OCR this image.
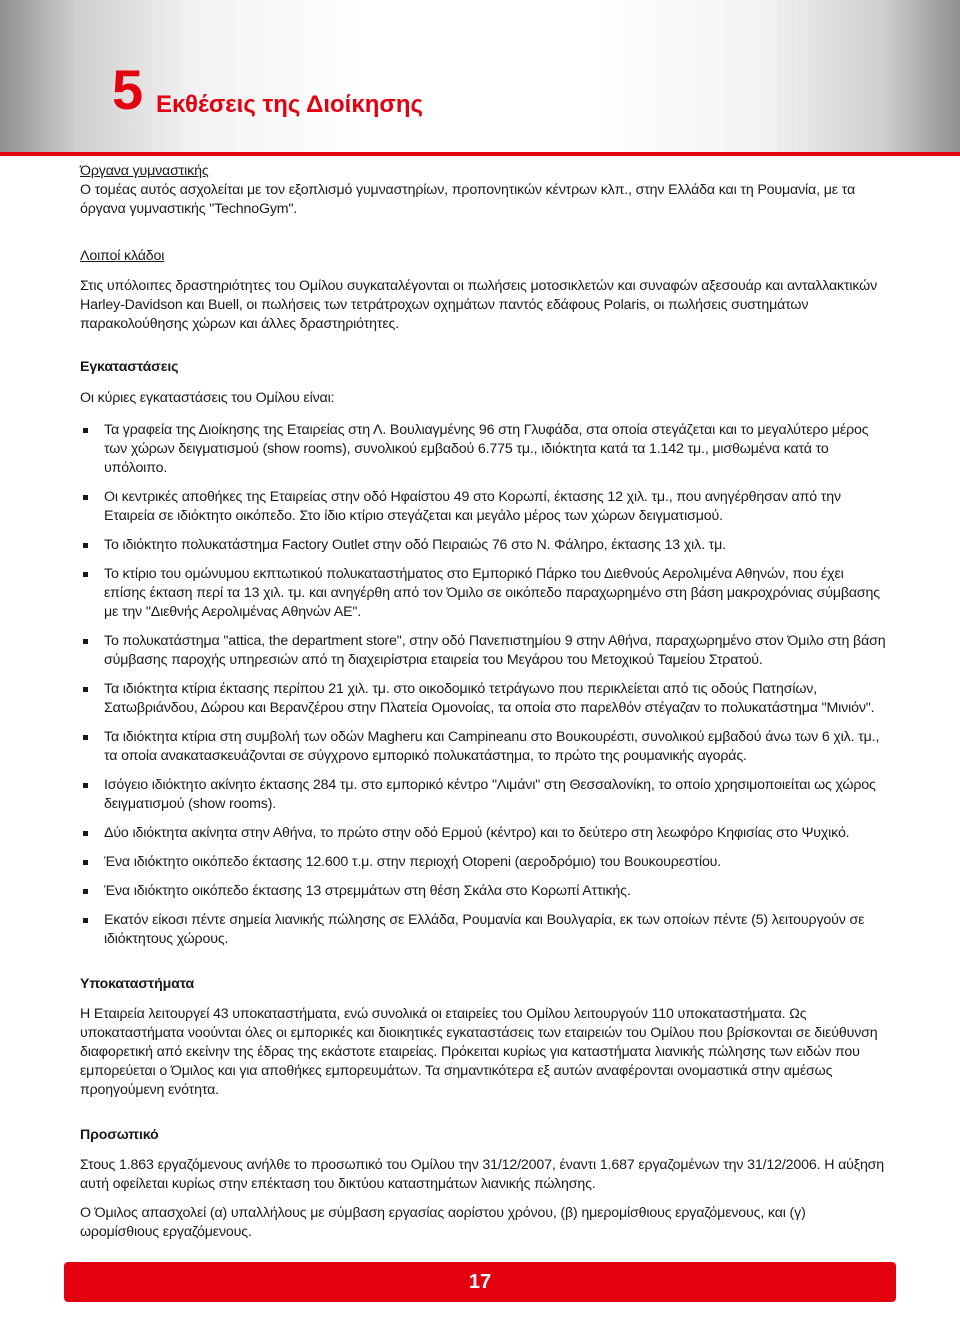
5 Εκθέσεις της Διοίκησης

Όργανα γυμναστικής

Ο τομέας αυτός ασχολείται με τον εξοπλισμό γυμναστηρίων, προπονητικών κέντρων κλπ., στην Ελλάδα και τη Ρουμανία, με τα όργανα γυμναστικής "TechnoGym".

Λοιποί κλάδοι

Στις υπόλοιπες δραστηριότητες του Ομίλου συγκαταλέγονται οι πωλήσεις μοτοσικλετών και συναφών αξεσουάρ και ανταλλακτικών Harley-Davidson και Buell, οι πωλήσεις των τετράτροχων οχημάτων παντός εδάφους Polaris, οι πωλήσεις συστημάτων παρακολούθησης χώρων και άλλες δραστηριότητες.

Εγκαταστάσεις

Οι κύριες εγκαταστάσεις του Ομίλου είναι:

Τα γραφεία της Διοίκησης της Εταιρείας στη Λ. Βουλιαγμένης 96 στη Γλυφάδα, στα οποία στεγάζεται και το μεγαλύτερο μέρος των χώρων δειγματισμού (show rooms), συνολικού εμβαδού 6.775 τμ., ιδιόκτητα κατά τα 1.142 τμ., μισθωμένα κατά το υπόλοιπο.
Οι κεντρικές αποθήκες της Εταιρείας στην οδό Ηφαίστου 49 στο Κορωπί, έκτασης 12 χιλ. τμ., που ανηγέρθησαν από την Εταιρεία σε ιδιόκτητο οικόπεδο. Στο ίδιο κτίριο στεγάζεται και μεγάλο μέρος των χώρων δειγματισμού.
Το ιδιόκτητο πολυκατάστημα Factory Outlet στην οδό Πειραιώς 76 στο Ν. Φάληρο, έκτασης 13 χιλ. τμ.
Το κτίριο του ομώνυμου εκπτωτικού πολυκαταστήματος στο Εμπορικό Πάρκο του Διεθνούς Αερολιμένα Αθηνών, που έχει επίσης έκταση περί τα 13 χιλ. τμ. και ανηγέρθη από τον Όμιλο σε οικόπεδο παραχωρημένο στη βάση μακροχρόνιας σύμβασης με την "Διεθνής Αερολιμένας Αθηνών ΑΕ".
Το πολυκατάστημα "attica, the department store", στην οδό Πανεπιστημίου 9 στην Αθήνα, παραχωρημένο στον Όμιλο στη βάση σύμβασης παροχής υπηρεσιών από τη διαχειρίστρια εταιρεία του Μεγάρου του Μετοχικού Ταμείου Στρατού.
Τα ιδιόκτητα κτίρια έκτασης περίπου 21 χιλ. τμ. στο οικοδομικό τετράγωνο που περικλείεται από τις οδούς Πατησίων, Σατωβριάνδου, Δώρου και Βερανζέρου στην Πλατεία Ομονοίας, τα οποία στο παρελθόν στέγαζαν το πολυκατάστημα "Μινιόν".
Τα ιδιόκτητα κτίρια στη συμβολή των οδών Magheru και Campineanu στο Βουκουρέστι, συνολικού εμβαδού άνω των 6 χιλ. τμ., τα οποία ανακατασκευάζονται σε σύγχρονο εμπορικό πολυκατάστημα, το πρώτο της ρουμανικής αγοράς.
Ισόγειο ιδιόκτητο ακίνητο έκτασης 284 τμ. στο εμπορικό κέντρο "Λιμάνι" στη Θεσσαλονίκη, το οποίο χρησιμοποιείται ως χώρος δειγματισμού (show rooms).
Δύο ιδιόκτητα ακίνητα στην Αθήνα, το πρώτο στην οδό Ερμού (κέντρο) και το δεύτερο στη λεωφόρο Κηφισίας στο Ψυχικό.
Ένα ιδιόκτητο οικόπεδο έκτασης 12.600 τ.μ. στην περιοχή Otopeni (αεροδρόμιο) του Βουκουρεστίου.
Ένα ιδιόκτητο οικόπεδο έκτασης 13 στρεμμάτων στη θέση Σκάλα στο Κορωπί Αττικής.
Εκατόν είκοσι πέντε σημεία λιανικής πώλησης σε Ελλάδα, Ρουμανία και Βουλγαρία, εκ των οποίων πέντε (5) λειτουργούν σε ιδιόκτητους χώρους.

Υποκαταστήματα

Η Εταιρεία λειτουργεί 43 υποκαταστήματα, ενώ συνολικά οι εταιρείες του Ομίλου λειτουργούν 110 υποκαταστήματα. Ως υποκαταστήματα νοούνται όλες οι εμπορικές και διοικητικές εγκαταστάσεις των εταιρειών του Ομίλου που βρίσκονται σε διεύθυνση διαφορετική από εκείνην της έδρας της εκάστοτε εταιρείας. Πρόκειται κυρίως για καταστήματα λιανικής πώλησης των ειδών που εμπορεύεται ο Όμιλος και για αποθήκες εμπορευμάτων. Τα σημαντικότερα εξ αυτών αναφέρονται ονομαστικά στην αμέσως προηγούμενη ενότητα.

Προσωπικό

Στους 1.863 εργαζόμενους ανήλθε το προσωπικό του Ομίλου την 31/12/2007, έναντι 1.687 εργαζομένων την 31/12/2006. Η αύξηση αυτή οφείλεται κυρίως στην επέκταση του δικτύου καταστημάτων λιανικής πώλησης.

Ο Όμιλος απασχολεί (α) υπαλλήλους με σύμβαση εργασίας αορίστου χρόνου, (β) ημερομίσθιους εργαζόμενους, και (γ) ωρομίσθιους εργαζόμενους.

17
